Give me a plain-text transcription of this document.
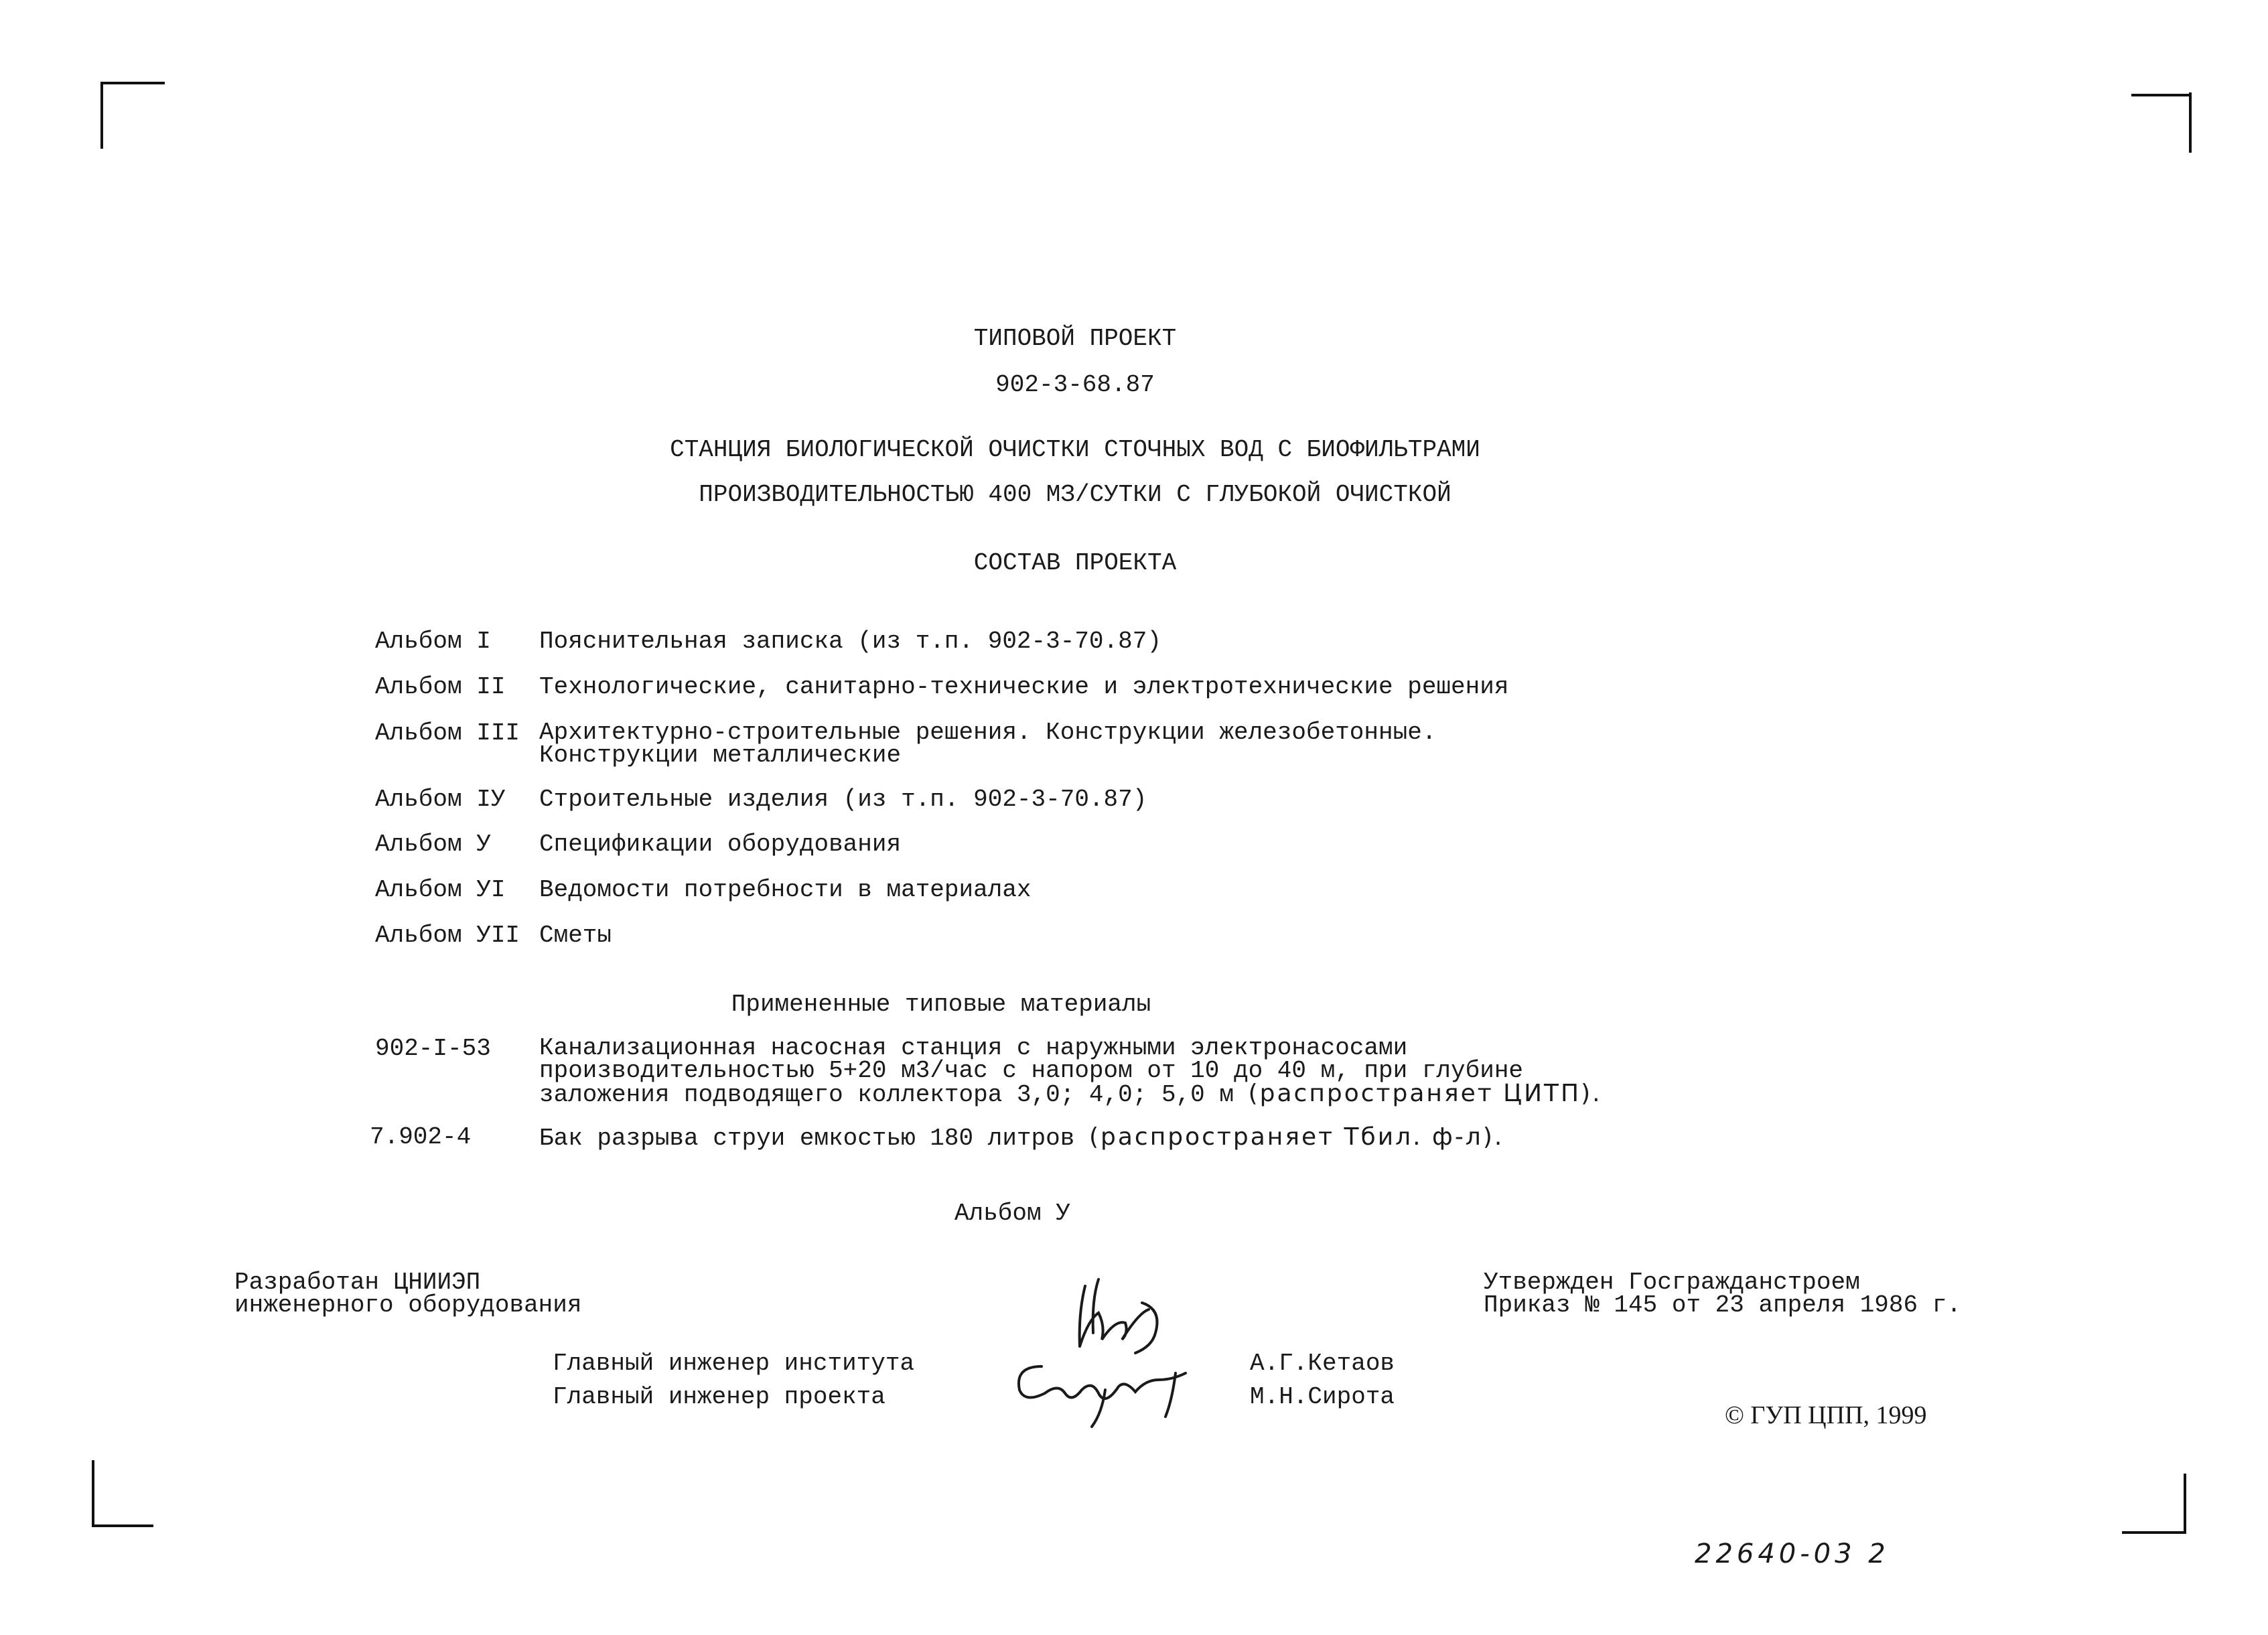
ТИПОВОЙ ПРОЕКТ
902-3-68.87
СТАНЦИЯ БИОЛОГИЧЕСКОЙ ОЧИСТКИ СТОЧНЫХ ВОД С БИОФИЛЬТРАМИ
ПРОИЗВОДИТЕЛЬНОСТЬЮ 400 МЗ/СУТКИ С ГЛУБОКОЙ ОЧИСТКОЙ
СОСТАВ ПРОЕКТА
Альбом I Пояснительная записка (из т.п. 902-3-70.87)
Альбом II Технологические, санитарно-технические и электротехнические решения
Альбом III Архитектурно-строительные решения. Конструкции железобетонные.
Конструкции металлические
Альбом IУ Строительные изделия (из т.п. 902-3-70.87)
Альбом У Спецификации оборудования
Альбом УI Ведомости потребности в материалах
Альбом УII Сметы
Примененные типовые материалы
902-I-53 Канализационная насосная станция с наружными электронасосами
производительностью 5+20 м3/час с напором от 10 до 40 м, при глубине
заложения подводящего коллектора 3,0; 4,0; 5,0 м (распространяет ЦИТП).
7.902-4	Бак разрыва струи емкостью 180 литров (распространяет Тбил. ф-л).
Альбом У
Разработан ЦНИИЭП
инженерного оборудования
Утвержден Госгражданстроем
Приказ № 145 от 23 апреля 1986 г.
Главный инженер института	А.Г.Кетаов
Главный инженер проекта	М.Н.Сирота
© ГУП ЦПП, 1999
22640-03 2
